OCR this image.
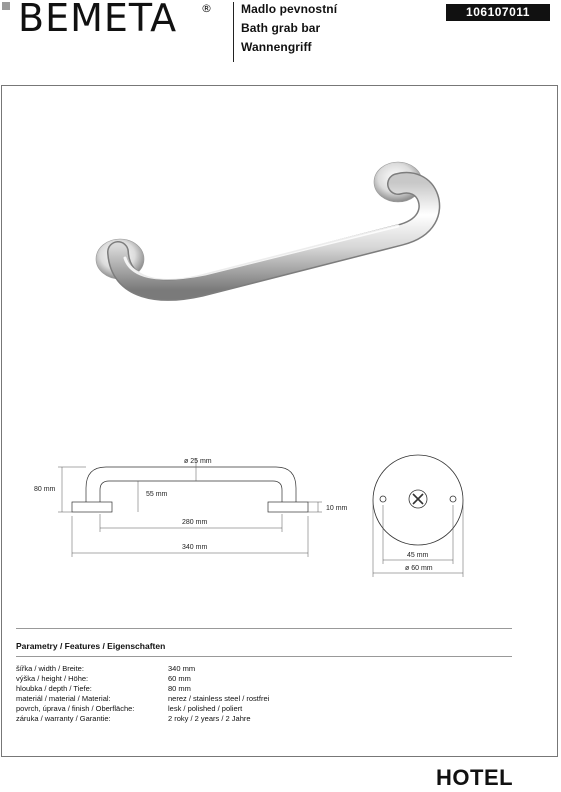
BEMETA ® Madlo pevnostní
Bath grab bar
Wannengriff
106107011
ø 25 mm
80 mm
55 mm
10 mm
280 mm
340 mm
45 mm
ø 60 mm
Parametry / Features / Eigenschaften
šířka / width / Breite:	340 mm
výška / height / Höhe:	60 mm
hloubka / depth / Tiefe:	80 mm
materiál / material / Material:	nerez / stainless steel / rostfrei
povrch, úprava / finish / Oberfläche:	lesk / polished / poliert
záruka / warranty / Garantie:	2 roky / 2 years / 2 Jahre
HOTEL
